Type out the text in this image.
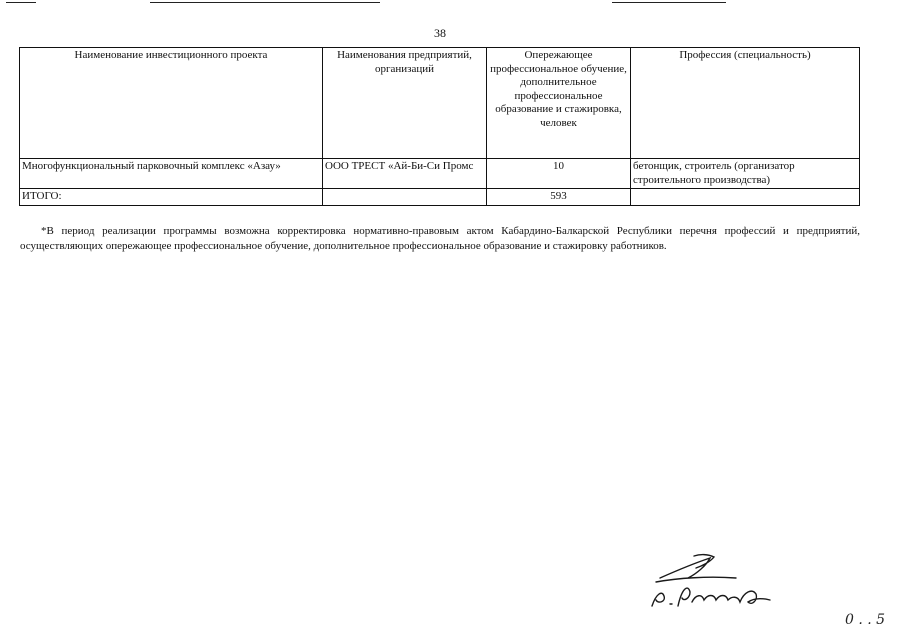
38
Наименование инвестиционного проекта	Наименования предприятий, организаций	Опережающее профессиональное обучение, дополнительное профессиональное образование и стажировка, человек	Профессия (специальность)
Многофункциональный парковочный комплекс «Азау»	ООО ТРЕСТ «Ай-Би-Си Промс	10	бетонщик, строитель (организатор строительного производства)
ИТОГО:		593	
*В период реализации программы возможна корректировка нормативно-правовым актом Кабардино-Балкарской Республики перечня профессий и предприятий, осуществляющих опережающее профессиональное обучение, дополнительное профессиональное образование и стажировку работников.
0 . . 5
